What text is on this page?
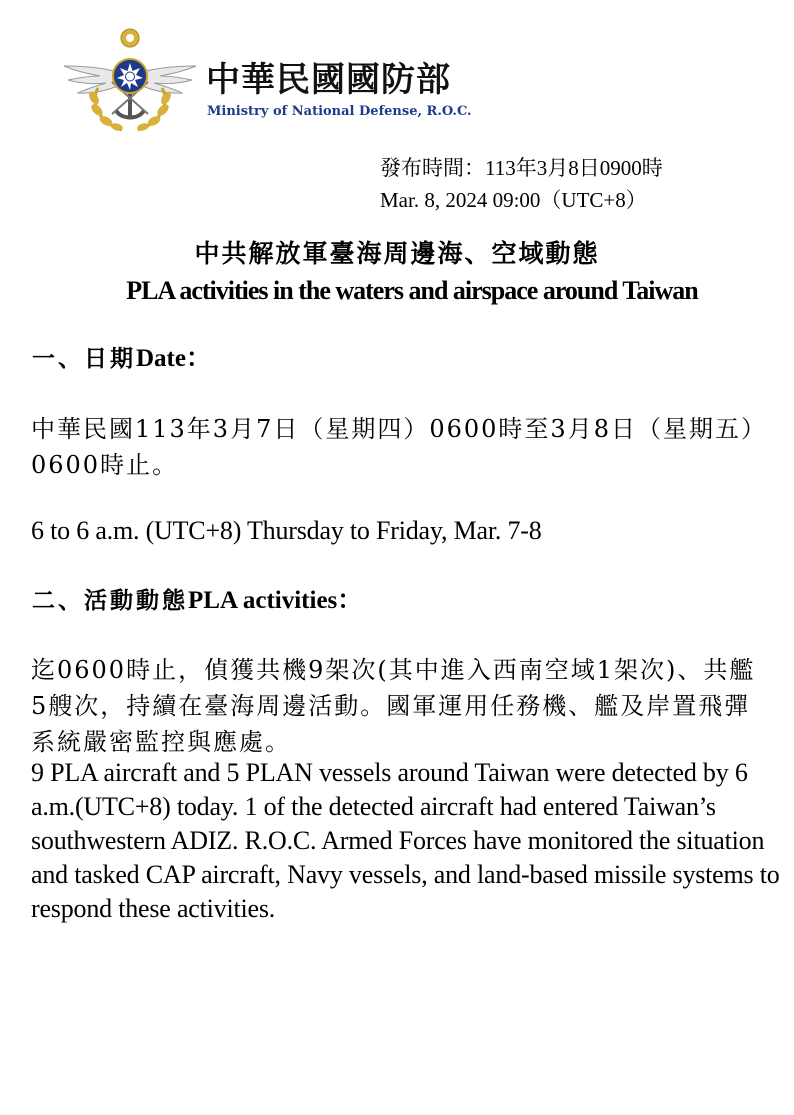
中華民國國防部
Ministry of National Defense, R.O.C.
發布時間：113年3月8日0900時
Mar. 8, 2024 09:00（UTC+8）
中共解放軍臺海周邊海、空域動態
PLA activities in the waters and airspace around Taiwan
一、日期Date：
中華民國113年3月7日（星期四）0600時至3月8日（星期五）0600時止。
6 to 6 a.m. (UTC+8) Thursday to Friday, Mar. 7-8
二、活動動態PLA activities：
迄0600時止，偵獲共機9架次(其中進入西南空域1架次)、共艦5艘次，持續在臺海周邊活動。國軍運用任務機、艦及岸置飛彈系統嚴密監控與應處。
9 PLA aircraft and 5 PLAN vessels around Taiwan were detected by 6 a.m.(UTC+8) today. 1 of the detected aircraft had entered Taiwan’s southwestern ADIZ. R.O.C. Armed Forces have monitored the situation and tasked CAP aircraft, Navy vessels, and land-based missile systems to respond these activities.
